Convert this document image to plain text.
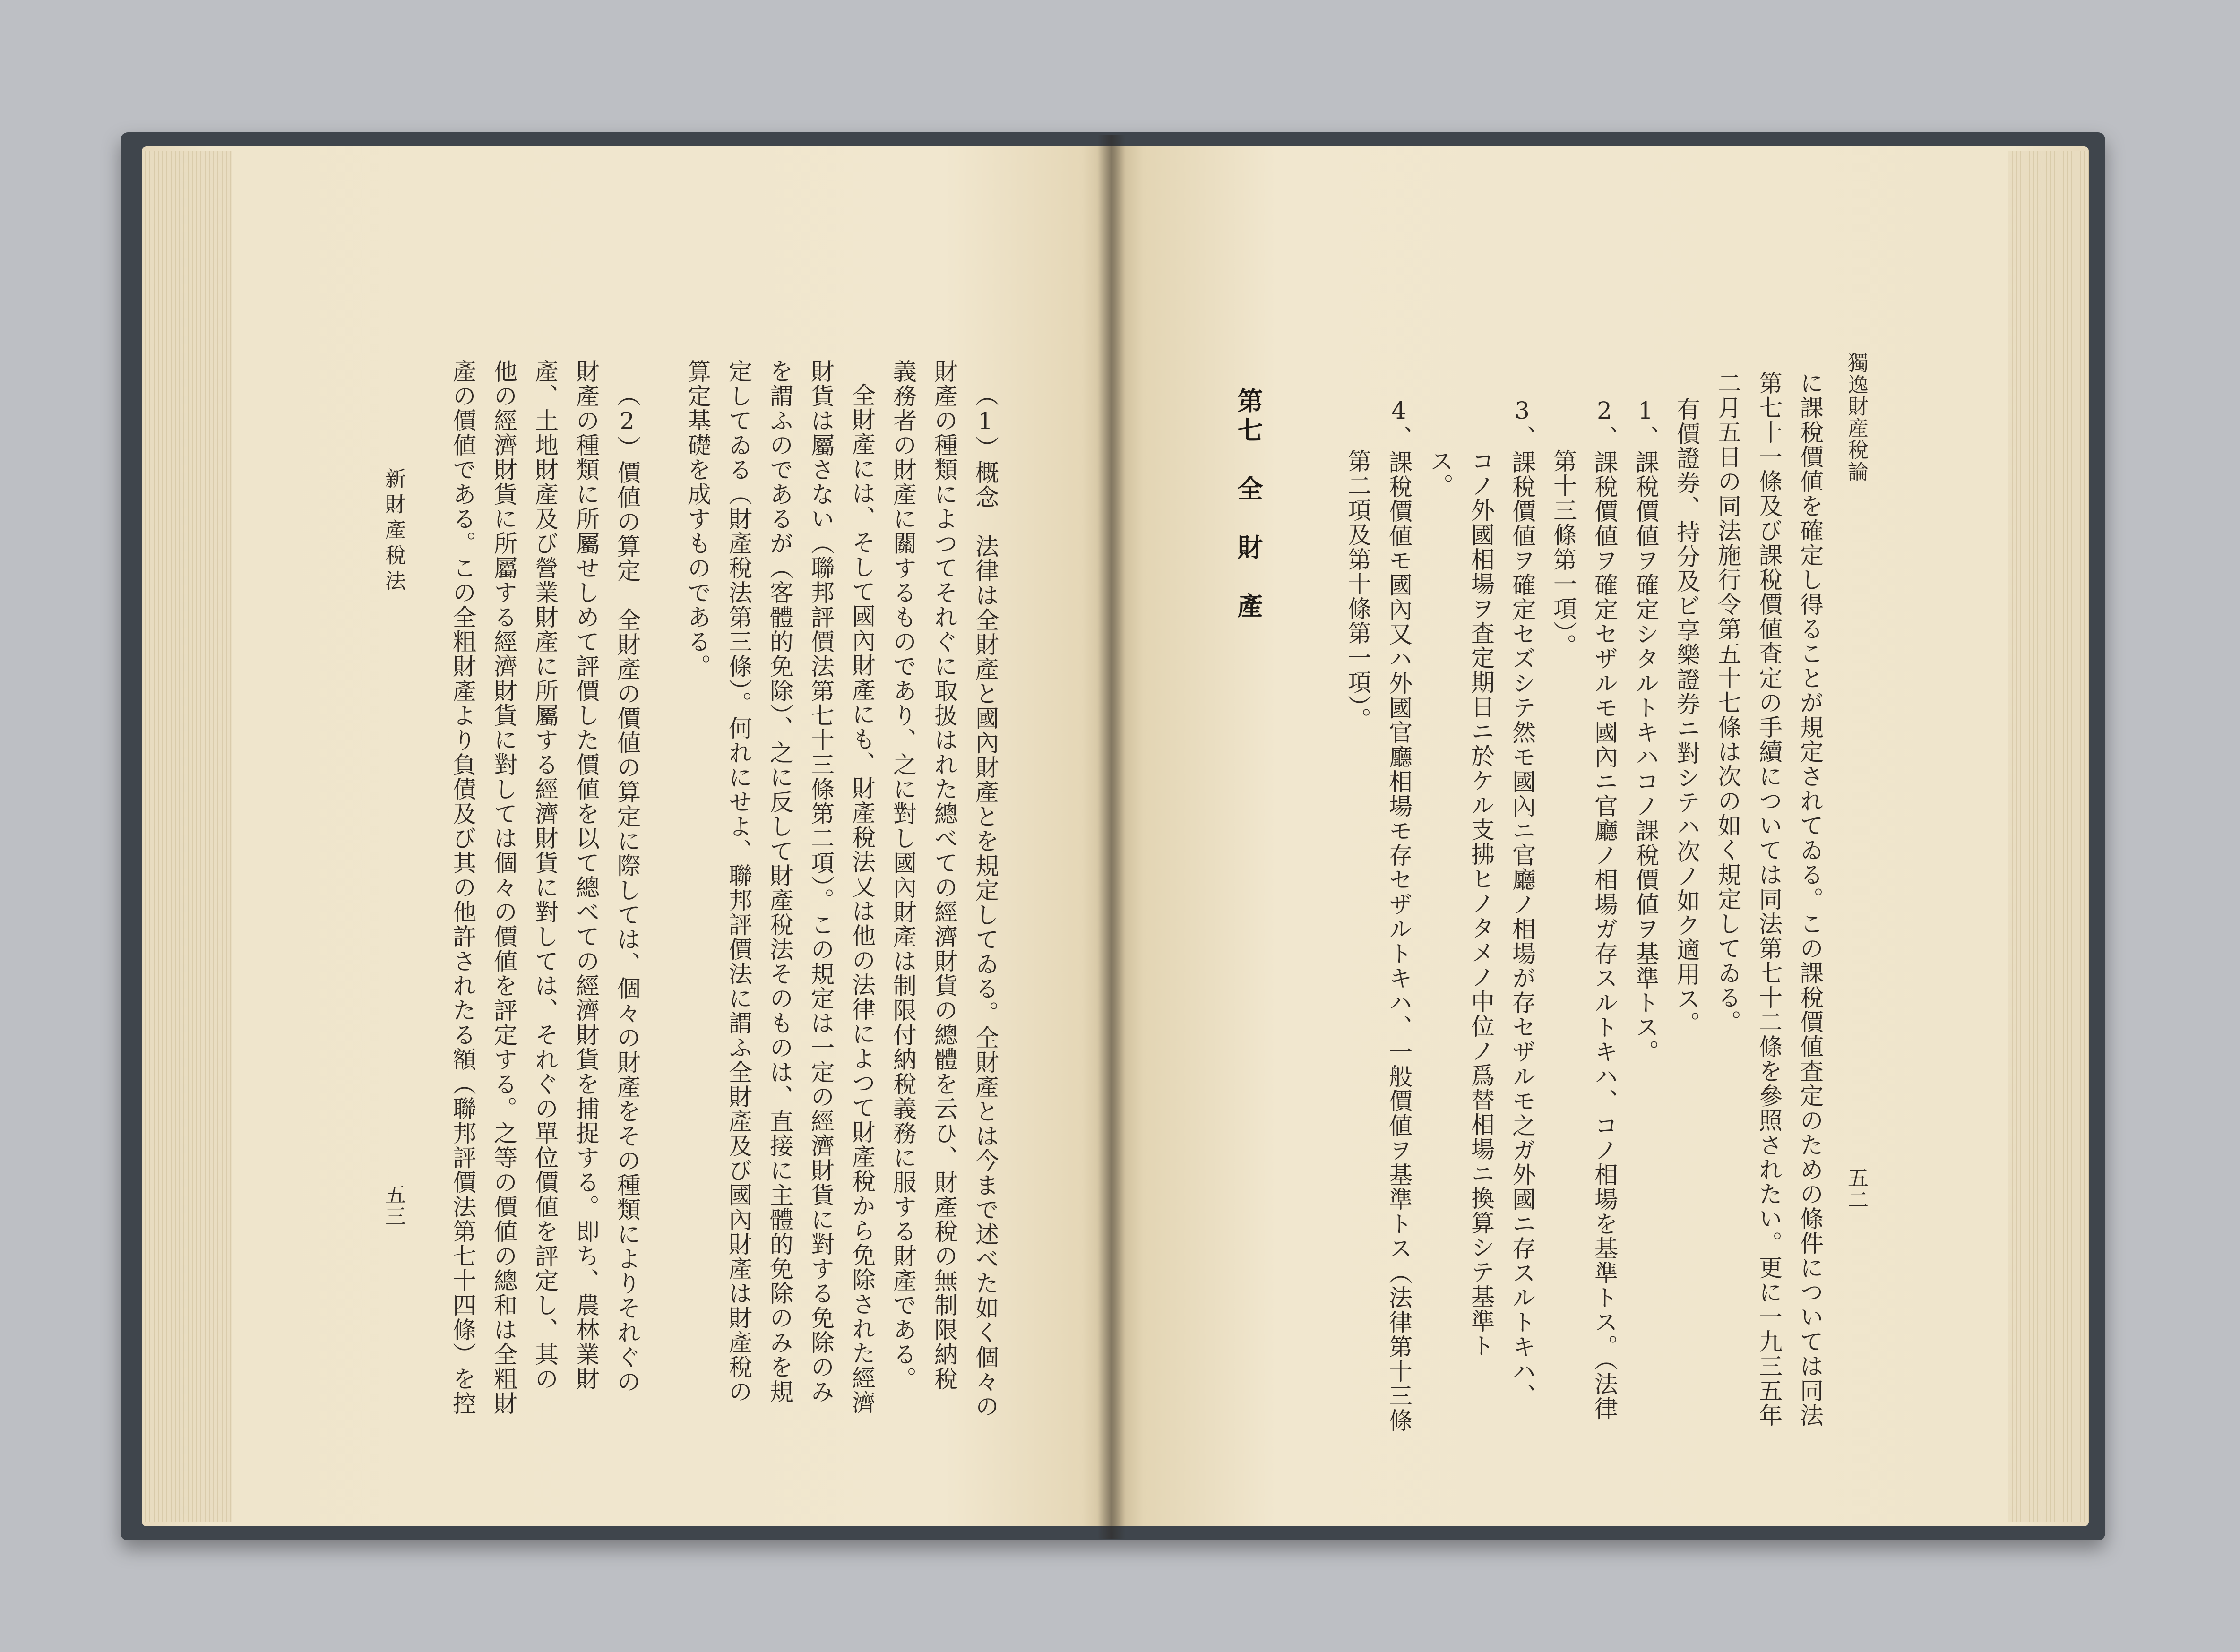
獨逸財産稅論
五二
に課稅價値を確定し得ることが規定されてゐる。この課稅價値査定のための條件については同法
第七十一條及び課稅價値査定の手續については同法第七十二條を參照されたい。更に一九三五年
二月五日の同法施行令第五十七條は次の如く規定してゐる。
有價證券、持分及ビ享樂證券ニ對シテハ次ノ如ク適用ス。
1、課稅價値ヲ確定シタルトキハコノ課稅價値ヲ基準トス。
2、課稅價値ヲ確定セザルモ國內ニ官廳ノ相場ガ存スルトキハ、コノ相場を基準トス。（法律
第十三條第一項）。
3、課稅價値ヲ確定セズシテ然モ國內ニ官廳ノ相場が存セザルモ之ガ外國ニ存スルトキハ、
コノ外國相場ヲ査定期日ニ於ケル支拂ヒノタメノ中位ノ爲替相場ニ換算シテ基準ト
ス。
4、課稅價値モ國內又ハ外國官廳相場モ存セザルトキハ、一般價値ヲ基準トス（法律第十三條
第二項及第十條第一項）。
第七　全　財　產
（1）概念　法律は全財產と國內財產とを規定してゐる。全財產とは今まで述べた如く個々の
財產の種類によつてそれぐに取扱はれた總べての經濟財貨の總體を云ひ、財產稅の無制限納稅
義務者の財產に關するものであり、之に對し國內財產は制限付納稅義務に服する財產である。
全財產には、そして國內財產にも、財產稅法又は他の法律によつて財產稅から免除された經濟
財貨は屬さない（聯邦評價法第七十三條第二項）。この規定は一定の經濟財貨に對する免除のみ
を謂ふのであるが（客體的免除）、之に反して財產稅法そのものは、直接に主體的免除のみを規
定してゐる（財產稅法第三條）。何れにせよ、聯邦評價法に謂ふ全財產及び國內財產は財產稅の
算定基礎を成すものである。
（2）價値の算定　全財產の價値の算定に際しては、個々の財產をその種類によりそれぐの
財產の種類に所屬せしめて評價した價値を以て總べての經濟財貨を捕捉する。即ち、農林業財
產、土地財產及び營業財產に所屬する經濟財貨に對しては、それぐの單位價値を評定し、其の
他の經濟財貨に所屬する經濟財貨に對しては個々の價値を評定する。之等の價値の總和は全粗財
產の價値である。この全粗財產より負債及び其の他許されたる額（聯邦評價法第七十四條）を控
新財產稅法
五三
